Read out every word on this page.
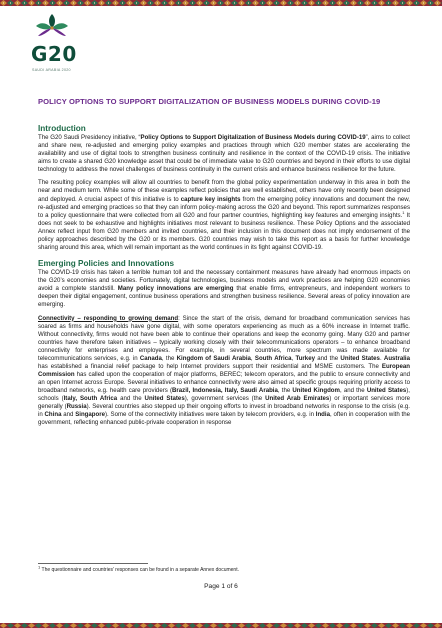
G20
SAUDI ARABIA 2020
POLICY OPTIONS TO SUPPORT DIGITALIZATION OF BUSINESS MODELS DURING COVID-19
Introduction

The G20 Saudi Presidency initiative, “Policy Options to Support Digitalization of Business Models during COVID-19”, aims to collect and share new, re-adjusted and emerging policy examples and practices through which G20 member states are accelerating the availability and use of digital tools to strengthen business continuity and resilience in the context of the COVID-19 crisis. The initiative aims to create a shared G20 knowledge asset that could be of immediate value to G20 countries and beyond in their efforts to use digital technology to address the novel challenges of business continuity in the current crisis and enhance business resilience for the future.

The resulting policy examples will allow all countries to benefit from the global policy experimentation underway in this area in both the near and medium term. While some of these examples reflect policies that are well established, others have only recently been designed and deployed. A crucial aspect of this initiative is to capture key insights from the emerging policy innovations and document the new, re-adjusted and emerging practices so that they can inform policy-making across the G20 and beyond. This report summarizes responses to a policy questionnaire that were collected from all G20 and four partner countries, highlighting key features and emerging insights.$^1$ It does not seek to be exhaustive and highlights initiatives most relevant to business resilience. These Policy Options and the associated Annex reflect input from G20 members and invited countries, and their inclusion in this document does not imply endorsement of the policy approaches described by the G20 or its members. G20 countries may wish to take this report as a basis for further knowledge sharing around this area, which will remain important as the world continues in its fight against COVID-19.

Emerging Policies and Innovations

The COVID-19 crisis has taken a terrible human toll and the necessary containment measures have already had enormous impacts on the G20’s economies and societies. Fortunately, digital technologies, business models and work practices are helping G20 economies avoid a complete standstill. Many policy innovations are emerging that enable firms, entrepreneurs, and independent workers to deepen their digital engagement, continue business operations and strengthen business resilience. Several areas of policy innovation are emerging.

Connectivity – responding to growing demand: Since the start of the crisis, demand for broadband communication services has soared as firms and households have gone digital, with some operators experiencing as much as a 60% increase in Internet traffic. Without connectivity, firms would not have been able to continue their operations and keep the economy going. Many G20 and partner countries have therefore taken initiatives – typically working closely with their telecommunications operators – to enhance broadband connectivity for enterprises and employees. For example, in several countries, more spectrum was made available for telecommunications services, e.g. in Canada, the Kingdom of Saudi Arabia, South Africa, Turkey and the United States. Australia has established a financial relief package to help Internet providers support their residential and MSME customers. The European Commission has called upon the cooperation of major platforms, BEREC; telecom operators, and the public to ensure connectivity and an open Internet across Europe. Several initiatives to enhance connectivity were also aimed at specific groups requiring priority access to broadband networks, e.g. health care providers (Brazil, Indonesia, Italy, Saudi Arabia, the United Kingdom, and the United States), schools (Italy, South Africa and the United States), government services (the United Arab Emirates) or important services more generally (Russia). Several countries also stepped up their ongoing efforts to invest in broadband networks in response to the crisis (e.g. in China and Singapore). Some of the connectivity initiatives were taken by telecom providers, e.g. in India, often in cooperation with the government, reflecting enhanced public-private cooperation in response

$^1$ The questionnaire and countries’ responses can be found in a separate Annex document.
Page 1 of 6
